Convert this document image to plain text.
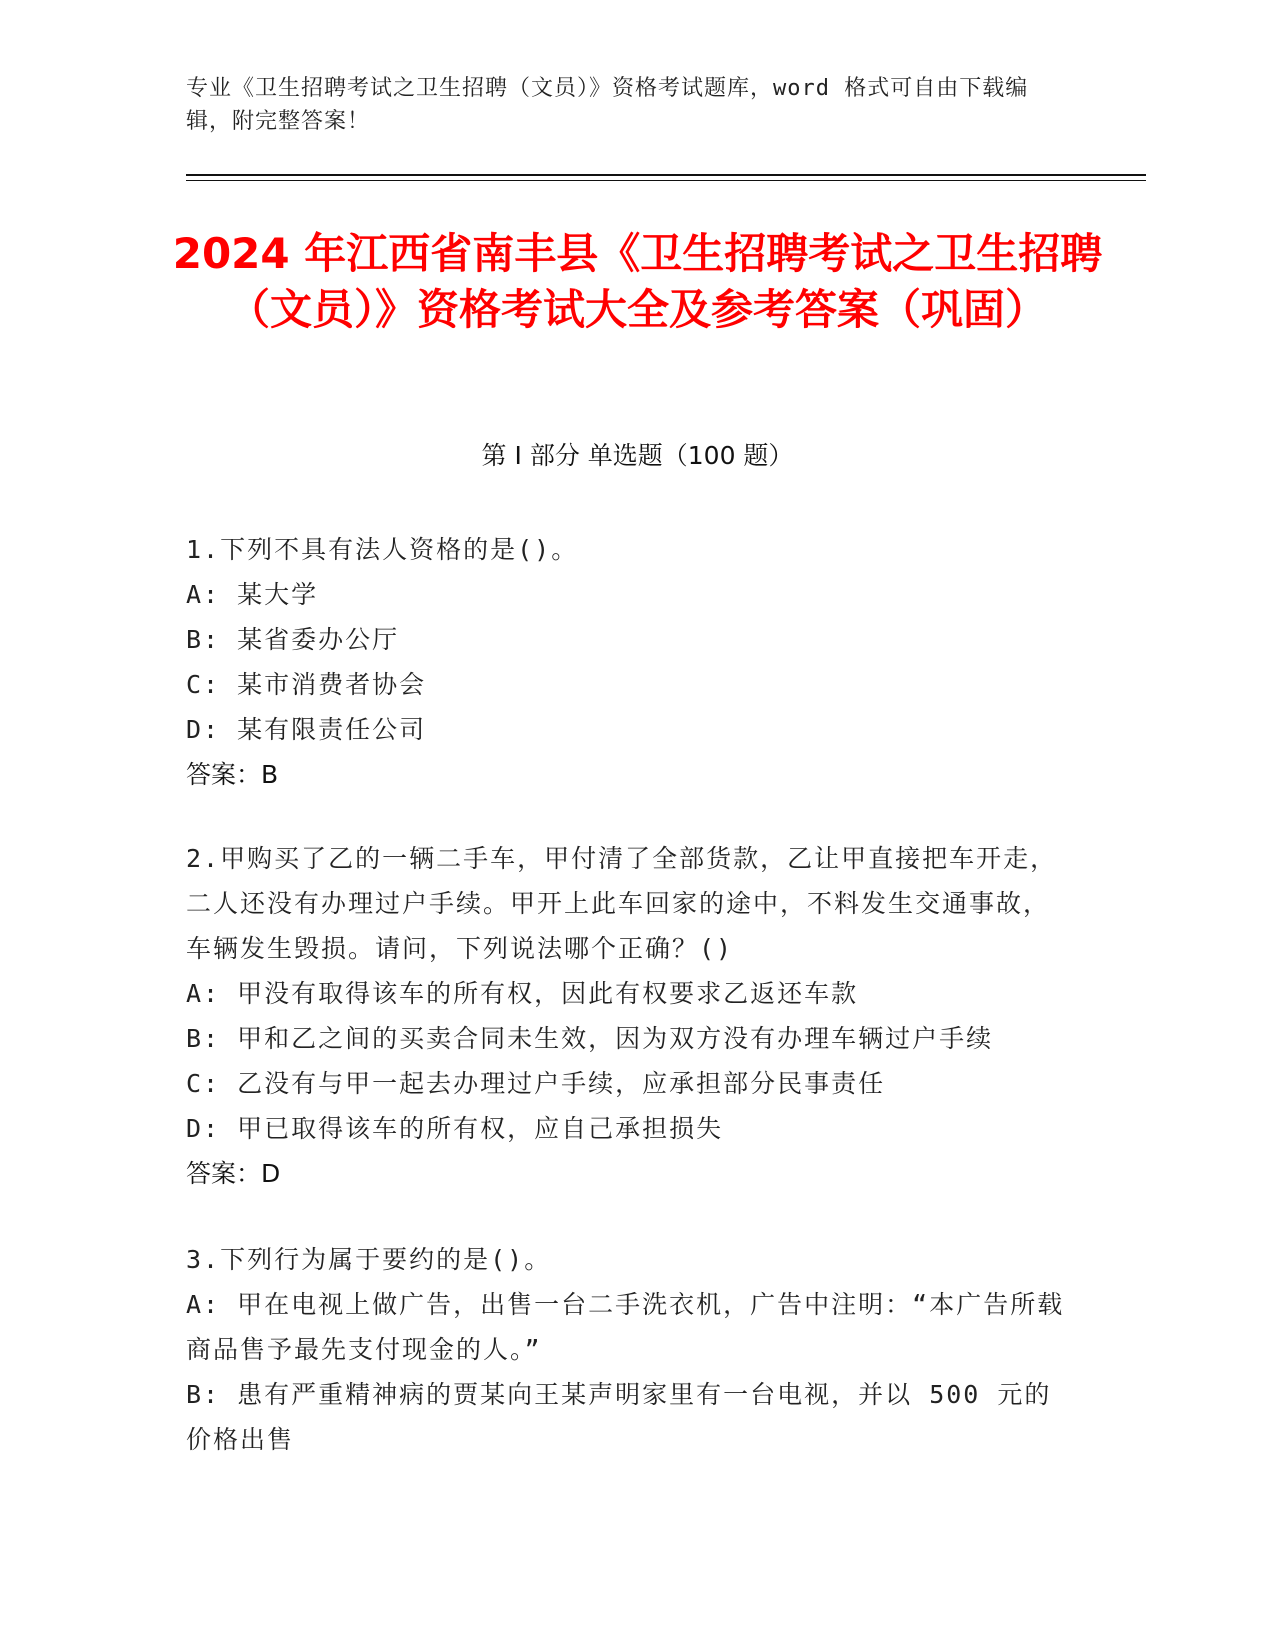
专业《卫生招聘考试之卫生招聘（文员）》资格考试题库，word 格式可自由下载编辑，附完整答案！
2024 年江西省南丰县《卫生招聘考试之卫生招聘（文员）》资格考试大全及参考答案（巩固）
第 I 部分 单选题（100 题）
1.下列不具有法人资格的是()。
A: 某大学
B: 某省委办公厅
C: 某市消费者协会
D: 某有限责任公司
答案：B
2.甲购买了乙的一辆二手车，甲付清了全部货款，乙让甲直接把车开走，二人还没有办理过户手续。甲开上此车回家的途中，不料发生交通事故，车辆发生毁损。请问，下列说法哪个正确？()
A: 甲没有取得该车的所有权，因此有权要求乙返还车款
B: 甲和乙之间的买卖合同未生效，因为双方没有办理车辆过户手续
C: 乙没有与甲一起去办理过户手续，应承担部分民事责任
D: 甲已取得该车的所有权，应自己承担损失
答案：D
3.下列行为属于要约的是()。
A: 甲在电视上做广告，出售一台二手洗衣机，广告中注明：“本广告所载商品售予最先支付现金的人。”
B: 患有严重精神病的贾某向王某声明家里有一台电视，并以 500 元的价格出售
